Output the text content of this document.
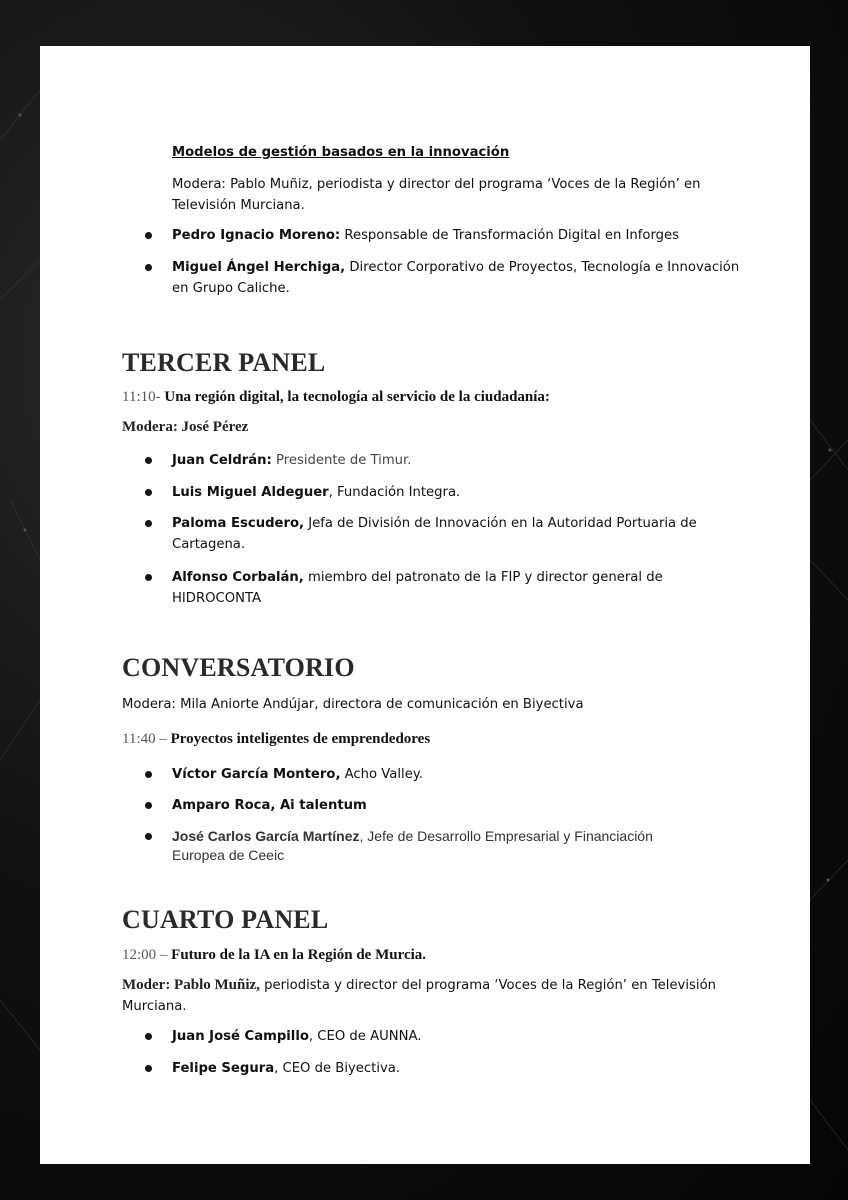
Modelos de gestión basados en la innovación
Modera: Pablo Muñiz, periodista y director del programa ‘Voces de la Región’ en
Televisión Murciana.
Pedro Ignacio Moreno: Responsable de Transformación Digital en Inforges
Miguel Ángel Herchiga, Director Corporativo de Proyectos, Tecnología e Innovación
en Grupo Caliche.
TERCER PANEL
11:10- Una región digital, la tecnología al servicio de la ciudadanía:
Modera: José Pérez
Juan Celdrán: Presidente de Timur.
Luis Miguel Aldeguer, Fundación Integra.
Paloma Escudero, Jefa de División de Innovación en la Autoridad Portuaria de
Cartagena.
Alfonso Corbalán, miembro del patronato de la FIP y director general de
HIDROCONTA
CONVERSATORIO
Modera: Mila Aniorte Andújar, directora de comunicación en Biyectiva
11:40 – Proyectos inteligentes de emprendedores
Víctor García Montero, Acho Valley.
Amparo Roca, Ai talentum
José Carlos García Martínez, Jefe de Desarrollo Empresarial y Financiación
Europea de Ceeic
CUARTO PANEL
12:00 – Futuro de la IA en la Región de Murcia.
Moder: Pablo Muñiz, periodista y director del programa ‘Voces de la Región’ en Televisión
Murciana.
Juan José Campillo, CEO de AUNNA.
Felipe Segura, CEO de Biyectiva.
